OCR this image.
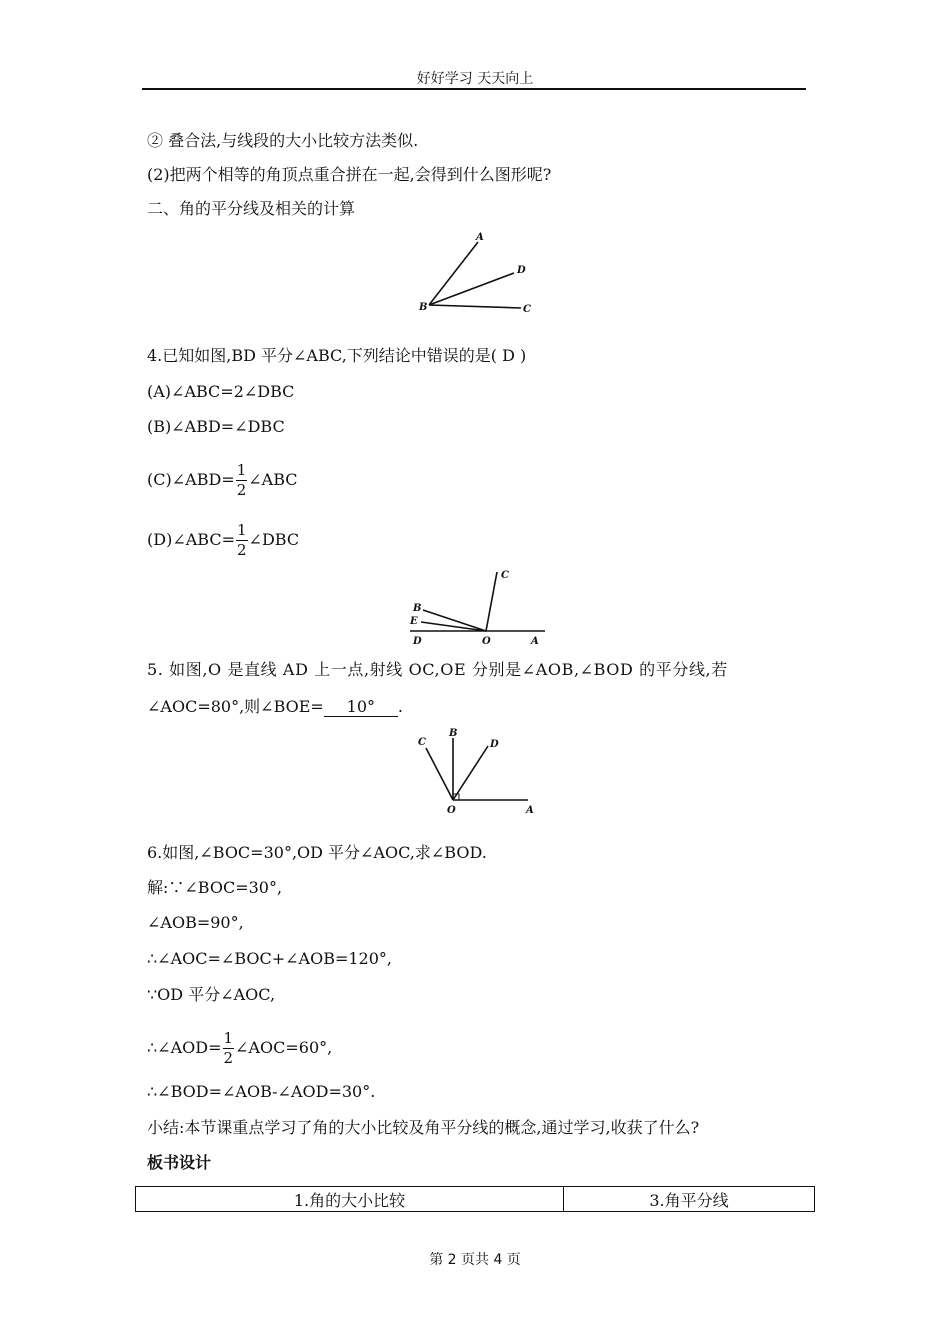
好好学习 天天向上
② 叠合法,与线段的大小比较方法类似.
(2)把两个相等的角顶点重合拼在一起,会得到什么图形呢?
二、角的平分线及相关的计算
A
D
B	C
4.已知如图,BD 平分∠ABC,下列结论中错误的是( D )
(A)∠ABC=2∠DBC
(B)∠ABD=∠DBC
(C)∠ABD= $\frac{1}{2}$ ∠ABC
(D)∠ABC= $\frac{1}{2}$ ∠DBC
C
B
E
D	O	A
5. 如图,O 是直线 AD 上一点,射线 OC,OE 分别是∠AOB,∠BOD 的平分线,若
∠AOC=80°,则∠BOE= 10° .
C
B
D
O	A
6.如图,∠BOC=30°,OD 平分∠AOC,求∠BOD.
解:∵∠BOC=30°,
∠AOB=90°,
∴∠AOC=∠BOC+∠AOB=120°,
∵OD 平分∠AOC,
∴∠AOD= $\frac{1}{2}$ ∠AOC=60°,
∴∠BOD=∠AOB-∠AOD=30°.
小结:本节课重点学习了角的大小比较及角平分线的概念,通过学习,收获了什么?
板书设计
1.角的大小比较	3.角平分线
第 2 页共 4 页
